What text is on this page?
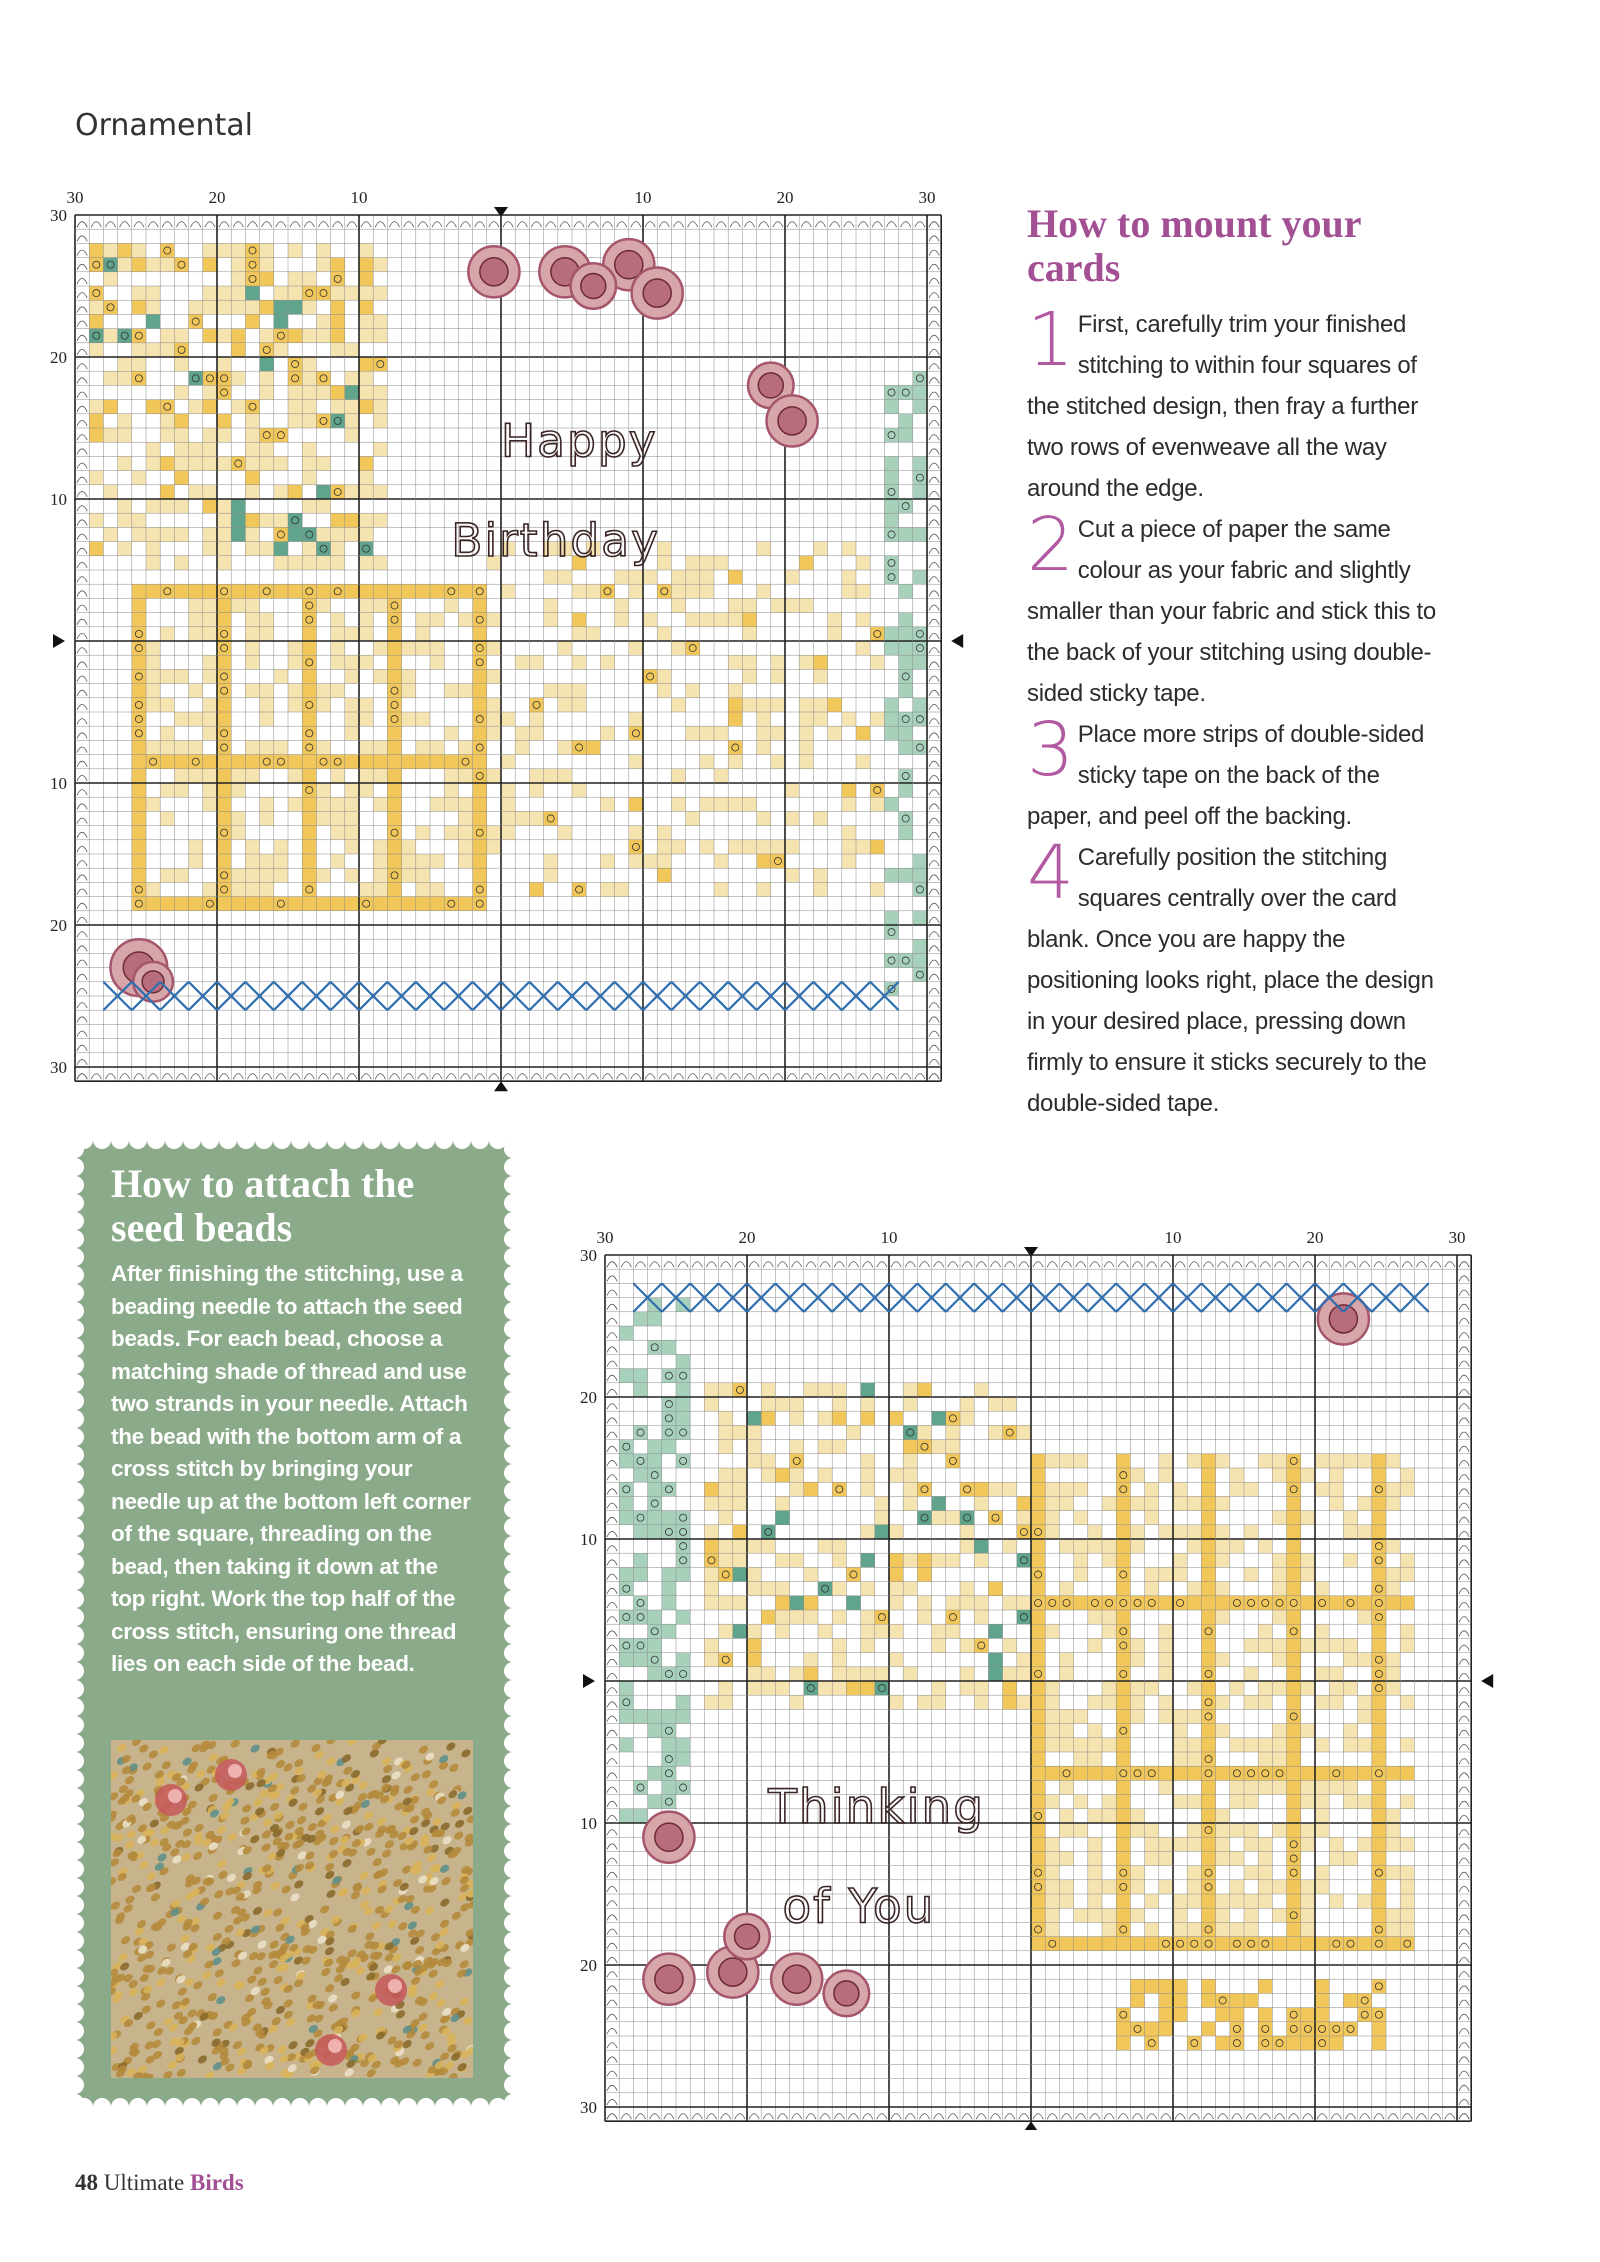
Ornamental
30	20	10	10	20	30
30
20
10
10
20
30
Happy
Birthday
30	20	10	10	20	30
30
20
10
10
20
30
Thinking
of You
How to mount your cards
1 First, carefully trim your finished stitching to within four squares of the stitched design, then fray a further two rows of evenweave all the way around the edge.
2 Cut a piece of paper the same colour as your fabric and slightly smaller than your fabric and stick this to the back of your stitching using double-sided sticky tape.
3 Place more strips of double-sided sticky tape on the back of the paper, and peel off the backing.
4 Carefully position the stitching squares centrally over the card blank. Once you are happy the positioning looks right, place the design in your desired place, pressing down firmly to ensure it sticks securely to the double-sided tape.
How to attach the seed beads

After finishing the stitching, use a beading needle to attach the seed beads. For each bead, choose a matching shade of thread and use two strands in your needle. Attach the bead with the bottom arm of a cross stitch by bringing your needle up at the bottom left corner of the square, threading on the bead, then taking it down at the top right. Work the top half of the cross stitch, ensuring one thread lies on each side of the bead.

48 Ultimate Birds
